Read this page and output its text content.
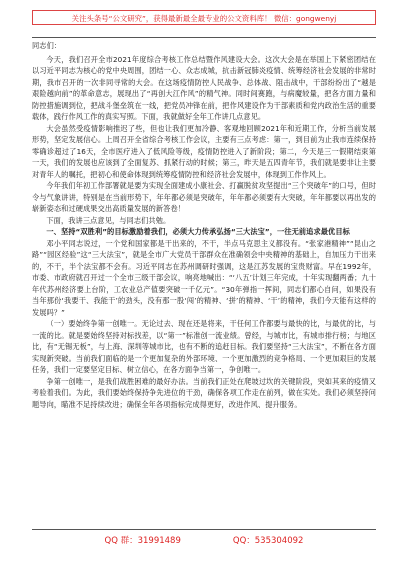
关注头条号“公文研究”，获得最新最全最专业的公文资料库！ 微信：gongwenyj

同志们：

今天，我们召开全市2021年度综合考核工作总结暨作风建设大会。这次大会是在举国上下紧密团结在以习近平同志为核心的党中央周围，团结一心、众志成城，抗击新冠肺炎疫情、统筹经济社会发展的非常时期，我市召开的一次非同寻常的大会。在这场疫情防控人民战争、总体战、阻击战中，干部纷纷出了“越是艰险越向前”的革命意志，展现出了“再创大江作风”的精气神。同时间赛跑，与病魔较量，把各方面力量和防控措施调到位，把战斗堡垒筑在一线，把党员冲锋在前，把作风建设作为干部素质和党内政治生活的重要载体，践行作风工作的真实写照。下面，我就做好全年工作讲几点意见。

大会虽然受疫情影响推迟了些，但也让我们更加冷静、客观地回顾2021年和近期工作，分析当前发展形势，坚定发展信心。上周召开全省综合考核工作会议，主要有三点考虑：第一，到目前为止我市连续保持零确诊超过了16天，全市医疗进入了低风险等级，疫情防控进入了新阶段；第二，今天是三一假期结束第一天，我们的发展也应该到了全面复苏、抓紧行动的时候；第三，昨天是五四青年节，我们就是要非让主要对青年人的嘱托，把初心和使命体现到统筹疫情防控和经济社会发展中，体现到工作作风上。

今年我们年初工作部署就是要为实现全面建成小康社会、打赢脱贫攻坚提出“三个突破年”的口号，但时令与气象讲讲，特别是在当前形势下，年年都必须是突破年，年年都必须要有大突破，年年都要以再出发的崭新姿态和过硬成果交出高质量发展的新答卷！

下面，我讲三点意见，与同志们共勉。

一、坚持“双胜利”的目标激励着我们，必须大力传承弘扬“三大法宝”，一往无前追求最优目标

邓小平同志说过，一个党和国家都是干出来的，不干，半点马克思主义都没有。“张家港精神”“昆山之路”“园区经验”这“三大法宝”，就是全市广大党员干部群众在准确领会中央精神的基础上，自加压力干出来的，不干，半个法宝都不会有。习近平同志在苏州调研时强调，这是江苏发展的宝贵财富。早在1992年，市委、市政府就召开过一个全市三级干部会议，响亮地喊出：“‘八五’计划三年完成，十年实现翻两番；九十年代苏州经济要上台阶，工农业总产值要突破一千亿元”。“30年弹指一挥间，同志们都心自问，如果没有当年那份‘我要干、我能干’的劲头，没有那一股‘闯’的精神、‘拼’的精神、‘干’的精神，我们今天能有这样的发展吗？”

（一）要始终争第一创唯一。无论过去、现在还是将来，干任何工作都要与最快的比，与最优的比，与一流的比。就是要始终坚持对标找差，以“第一”标准创一流业绩。曾经，与城市比，有城市排行榜；与地区比，有“无锡无板”，与上海、深圳等城市比，也有不断的追赶目标。我们要坚持“三大法宝”，不断在各方面实现新突破。当前我们面临的是一个更加复杂的外部环境、一个更加激烈的竞争格局、一个更加艰巨的发展任务，我们一定要坚定目标、树立信心，在各方面争当第一，争创唯一。

争第一创唯一，是我们战胜困难的最好办法。当前我们正处在爬坡过坎的关键阶段，突如其来的疫情又考验着我们。为此，我们要始终保持争先进位的干劲，确保各项工作走在前列，做在实处。我们必须坚持问题导向，瞄准不足持续改进；确保全年各项指标完成得更好，改进作风、提升服务。

QQ 群：31991489	QQ：535304092
